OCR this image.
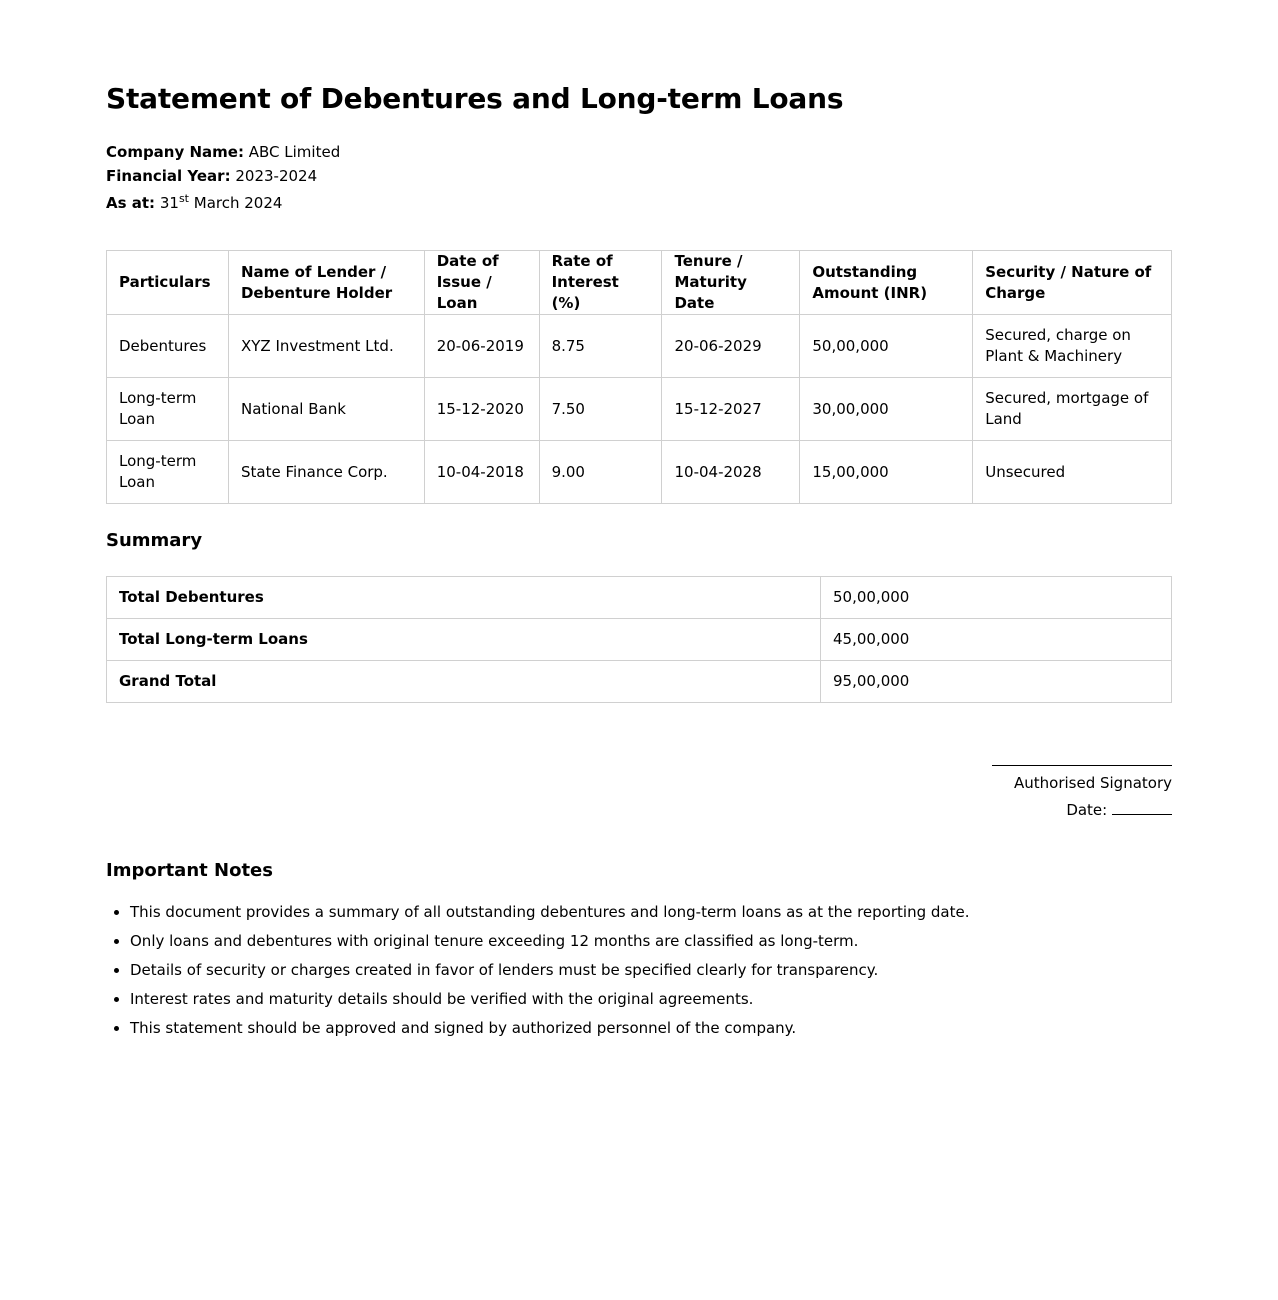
Statement of Debentures and Long-term Loans
Company Name: ABC Limited
Financial Year: 2023-2024
As at: 31st March 2024
Particulars	Name of Lender / Debenture Holder	Date of Issue / Loan	Rate of Interest (%)	Tenure / Maturity Date	Outstanding Amount (INR)	Security / Nature of Charge
Debentures	XYZ Investment Ltd.	20-06-2019	8.75	20-06-2029	50,00,000	Secured, charge on Plant & Machinery
Long-term Loan	National Bank	15-12-2020	7.50	15-12-2027	30,00,000	Secured, mortgage of Land
Long-term Loan	State Finance Corp.	10-04-2018	9.00	10-04-2028	15,00,000	Unsecured
Summary
Total Debentures	50,00,000
Total Long-term Loans	45,00,000
Grand Total	95,00,000
Authorised Signatory
Date:
Important Notes
• This document provides a summary of all outstanding debentures and long-term loans as at the reporting date.
• Only loans and debentures with original tenure exceeding 12 months are classified as long-term.
• Details of security or charges created in favor of lenders must be specified clearly for transparency.
• Interest rates and maturity details should be verified with the original agreements.
• This statement should be approved and signed by authorized personnel of the company.
